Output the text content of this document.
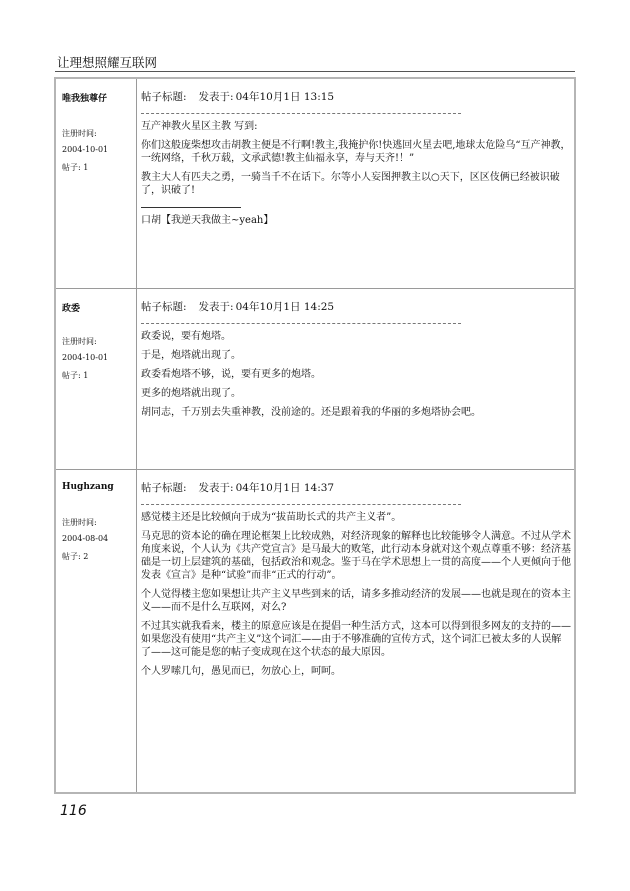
让理想照耀互联网
唯我独尊仔
注册时间:
2004-10-01
帖子: 1
帖子标题: 发表于: 04年10月1日 13:15

互产神教火星区主教 写到:

你们这般庞柴想攻击胡教主便是不行啊!教主,我掩护你!快逃回火星去吧,地球太危险乌“互产神教，一统网络，千秋万载，文承武德!教主仙福永享，寿与天齐!！”

教主大人有匹夫之勇，一骑当千不在话下。尔等小人妄图押教主以○天下，区区伎俩已经被识破了，识破了!

口胡【我逆天我做主~yeah】

政委
注册时间:
2004-10-01
帖子: 1
帖子标题: 发表于: 04年10月1日 14:25

政委说，要有炮塔。

于是，炮塔就出现了。

政委看炮塔不够，说，要有更多的炮塔。

更多的炮塔就出现了。

胡同志，千万别去失重神教，没前途的。还是跟着我的华丽的多炮塔协会吧。

Hughzang
注册时间:
2004-08-04
帖子: 2
帖子标题: 发表于: 04年10月1日 14:37

感觉楼主还是比较倾向于成为“拔苗助长式的共产主义者”。

马克思的资本论的确在理论框架上比较成熟，对经济现象的解释也比较能够令人满意。不过从学术角度来说，个人认为《共产党宣言》是马最大的败笔，此行动本身就对这个观点尊重不够：经济基础是一切上层建筑的基础，包括政治和观念。鉴于马在学术思想上一贯的高度——个人更倾向于他发表《宣言》是种“试验”而非“正式的行动”。

个人觉得楼主您如果想让共产主义早些到来的话，请多多推动经济的发展——也就是现在的资本主义——而不是什么互联网，对么?

不过其实就我看来，楼主的原意应该是在提倡一种生活方式，这本可以得到很多网友的支持的——如果您没有使用“共产主义”这个词汇——由于不够准确的宣传方式，这个词汇已被太多的人误解了——这可能是您的帖子变成现在这个状态的最大原因。

个人罗嗦几句，愚见而已，勿放心上，呵呵。

116
